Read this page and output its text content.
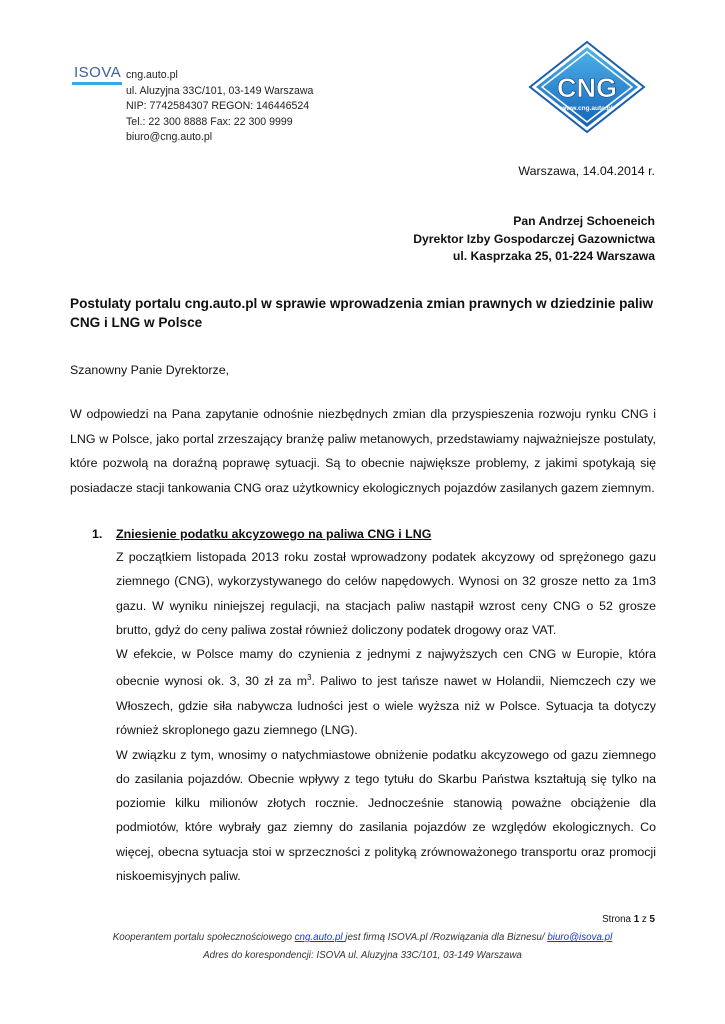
ISOVA cng.auto.pl
ul. Aluzyjna 33C/101, 03-149 Warszawa
NIP: 7742584307 REGON: 146446524
Tel.: 22 300 8888 Fax: 22 300 9999
biuro@cng.auto.pl
CNG
www.cng.auto.pl
Warszawa, 14.04.2014 r.
Pan Andrzej Schoeneich
Dyrektor Izby Gospodarczej Gazownictwa
ul. Kasprzaka 25, 01-224 Warszawa
Postulaty portalu cng.auto.pl w sprawie wprowadzenia zmian prawnych w dziedzinie paliw CNG i LNG w Polsce
Szanowny Panie Dyrektorze,
W odpowiedzi na Pana zapytanie odnośnie niezbędnych zmian dla przyspieszenia rozwoju rynku CNG i LNG w Polsce, jako portal zrzeszający branżę paliw metanowych, przedstawiamy najważniejsze postulaty, które pozwolą na doraźną poprawę sytuacji. Są to obecnie największe problemy, z jakimi spotykają się posiadacze stacji tankowania CNG oraz użytkownicy ekologicznych pojazdów zasilanych gazem ziemnym.
1. Zniesienie podatku akcyzowego na paliwa CNG i LNG

Z początkiem listopada 2013 roku został wprowadzony podatek akcyzowy od sprężonego gazu ziemnego (CNG), wykorzystywanego do celów napędowych. Wynosi on 32 grosze netto za 1m3 gazu. W wyniku niniejszej regulacji, na stacjach paliw nastąpił wzrost ceny CNG o 52 grosze brutto, gdyż do ceny paliwa został również doliczony podatek drogowy oraz VAT.

W efekcie, w Polsce mamy do czynienia z jednymi z najwyższych cen CNG w Europie, która obecnie wynosi ok. 3, 30 zł za $m^3$. Paliwo to jest tańsze nawet w Holandii, Niemczech czy we Włoszech, gdzie siła nabywcza ludności jest o wiele wyższa niż w Polsce. Sytuacja ta dotyczy również skroplonego gazu ziemnego (LNG).

W związku z tym, wnosimy o natychmiastowe obniżenie podatku akcyzowego od gazu ziemnego do zasilania pojazdów. Obecnie wpływy z tego tytułu do Skarbu Państwa kształtują się tylko na poziomie kilku milionów złotych rocznie. Jednocześnie stanowią poważne obciążenie dla podmiotów, które wybrały gaz ziemny do zasilania pojazdów ze względów ekologicznych. Co więcej, obecna sytuacja stoi w sprzeczności z polityką zrównoważonego transportu oraz promocji niskoemisyjnych paliw.

Strona 1 z 5
Kooperantem portalu społecznościowego cng.auto.pl jest firmą ISOVA.pl /Rozwiązania dla Biznesu/ biuro@isova.pl
Adres do korespondencji: ISOVA ul. Aluzyjna 33C/101, 03-149 Warszawa
